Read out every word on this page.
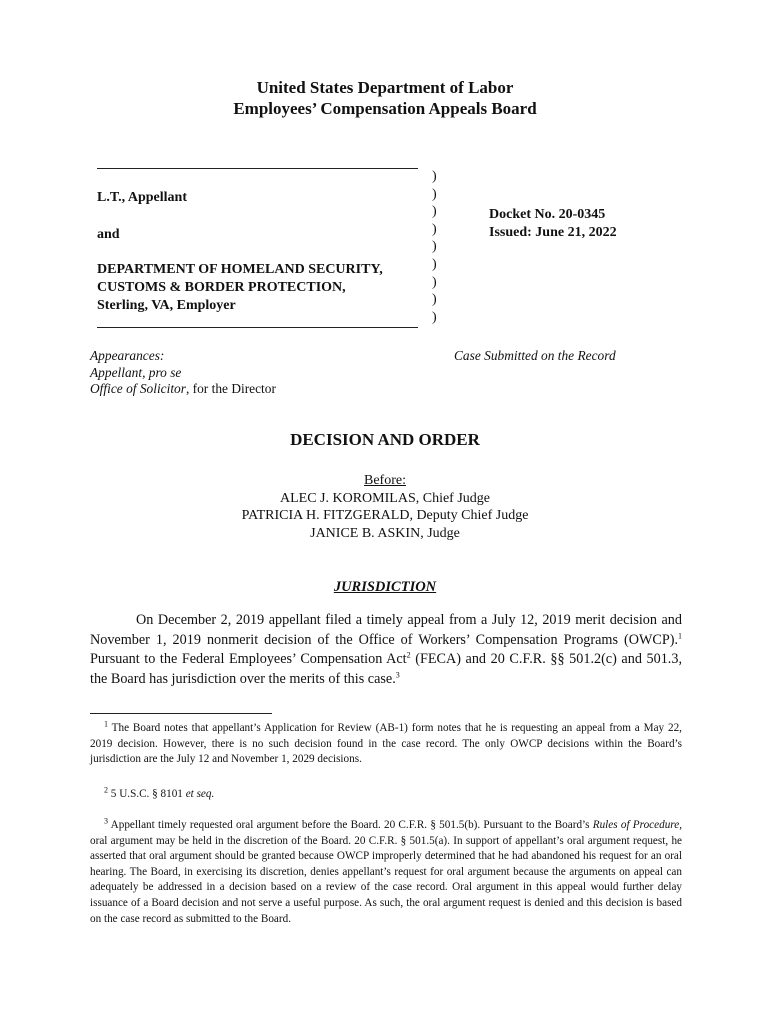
United States Department of Labor
Employees’ Compensation Appeals Board
L.T., Appellant
and
DEPARTMENT OF HOMELAND SECURITY,
CUSTOMS & BORDER PROTECTION,
Sterling, VA, Employer
)
)
)
)
)
)
)
)
)
Docket No. 20-0345
Issued: June 21, 2022
Appearances:
Appellant, pro se
Office of Solicitor, for the Director
Case Submitted on the Record
DECISION AND ORDER
Before:
ALEC J. KOROMILAS, Chief Judge
PATRICIA H. FITZGERALD, Deputy Chief Judge
JANICE B. ASKIN, Judge
JURISDICTION
On December 2, 2019 appellant filed a timely appeal from a July 12, 2019 merit decision and November 1, 2019 nonmerit decision of the Office of Workers’ Compensation Programs (OWCP).$^1$ Pursuant to the Federal Employees’ Compensation Act$^2$ (FECA) and 20 C.F.R. §§ 501.2(c) and 501.3, the Board has jurisdiction over the merits of this case.$^3$
$^1$ The Board notes that appellant’s Application for Review (AB-1) form notes that he is requesting an appeal from a May 22, 2019 decision. However, there is no such decision found in the case record. The only OWCP decisions within the Board’s jurisdiction are the July 12 and November 1, 2029 decisions.
$^2$ 5 U.S.C. § 8101 et seq.
$^3$ Appellant timely requested oral argument before the Board. 20 C.F.R. § 501.5(b). Pursuant to the Board’s Rules of Procedure, oral argument may be held in the discretion of the Board. 20 C.F.R. § 501.5(a). In support of appellant’s oral argument request, he asserted that oral argument should be granted because OWCP improperly determined that he had abandoned his request for an oral hearing. The Board, in exercising its discretion, denies appellant’s request for oral argument because the arguments on appeal can adequately be addressed in a decision based on a review of the case record. Oral argument in this appeal would further delay issuance of a Board decision and not serve a useful purpose. As such, the oral argument request is denied and this decision is based on the case record as submitted to the Board.
